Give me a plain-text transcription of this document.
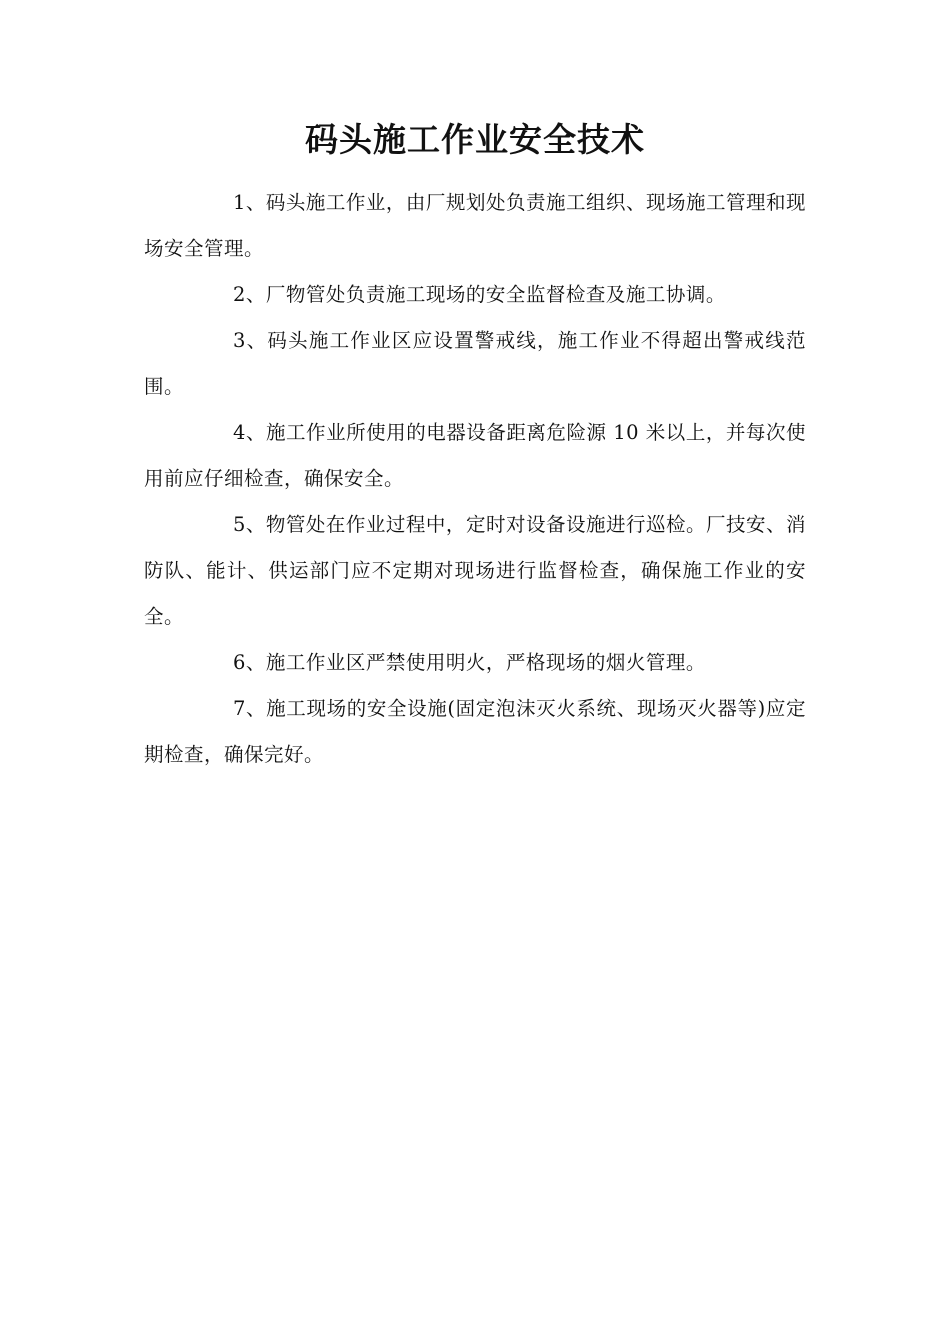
码头施工作业安全技术

1、码头施工作业，由厂规划处负责施工组织、现场施工管理和现场安全管理。

2、厂物管处负责施工现场的安全监督检查及施工协调。

3、码头施工作业区应设置警戒线，施工作业不得超出警戒线范围。

4、施工作业所使用的电器设备距离危险源 10 米以上，并每次使用前应仔细检查，确保安全。

5、物管处在作业过程中，定时对设备设施进行巡检。厂技安、消防队、能计、供运部门应不定期对现场进行监督检查，确保施工作业的安全。

6、施工作业区严禁使用明火，严格现场的烟火管理。

7、施工现场的安全设施(固定泡沫灭火系统、现场灭火器等)应定期检查，确保完好。
